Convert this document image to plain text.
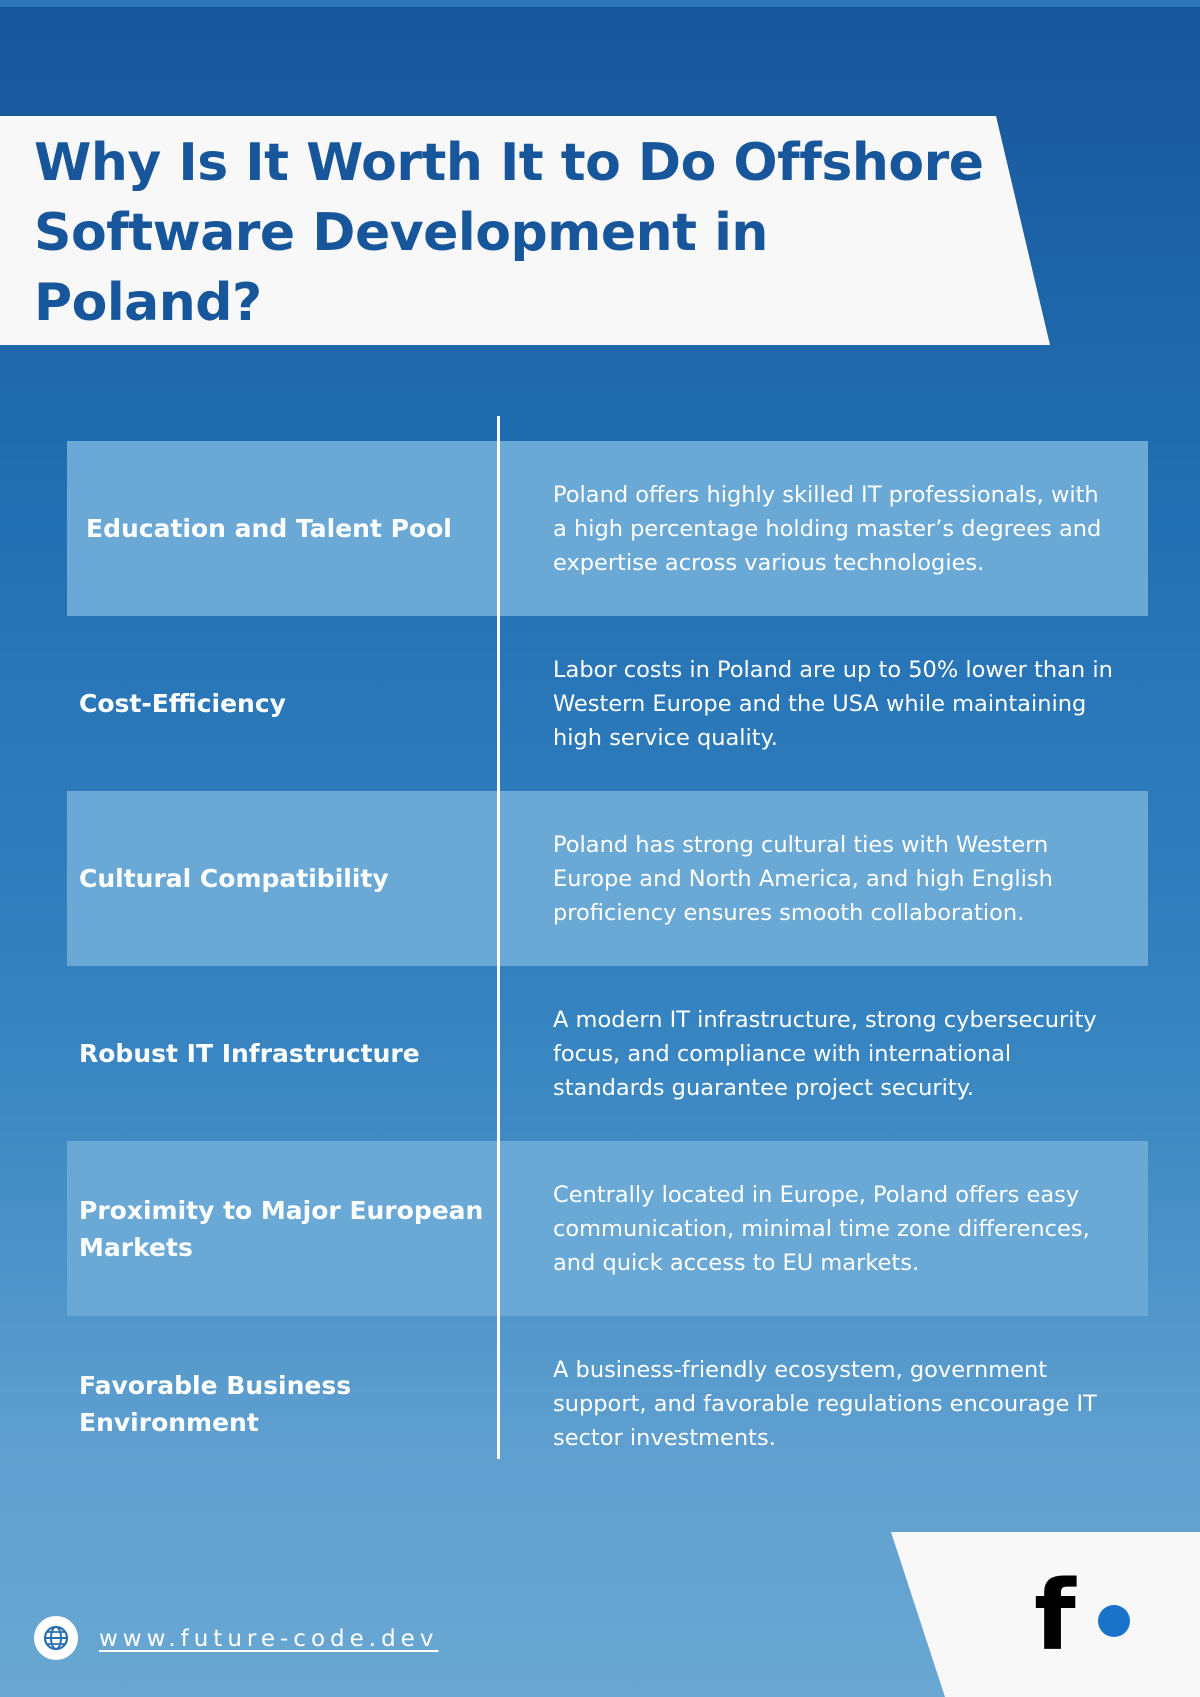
Why Is It Worth It to Do Offshore Software Development in Poland?
Education and Talent Pool
Poland offers highly skilled IT professionals, with a high percentage holding master’s degrees and expertise across various technologies.
Cost-Efficiency
Labor costs in Poland are up to 50% lower than in Western Europe and the USA while maintaining high service quality.
Cultural Compatibility
Poland has strong cultural ties with Western Europe and North America, and high English proficiency ensures smooth collaboration.
Robust IT Infrastructure
A modern IT infrastructure, strong cybersecurity focus, and compliance with international standards guarantee project security.
Proximity to Major European Markets
Centrally located in Europe, Poland offers easy communication, minimal time zone differences, and quick access to EU markets.
Favorable Business Environment
A business-friendly ecosystem, government support, and favorable regulations encourage IT sector investments.
f
www.future-code.dev
